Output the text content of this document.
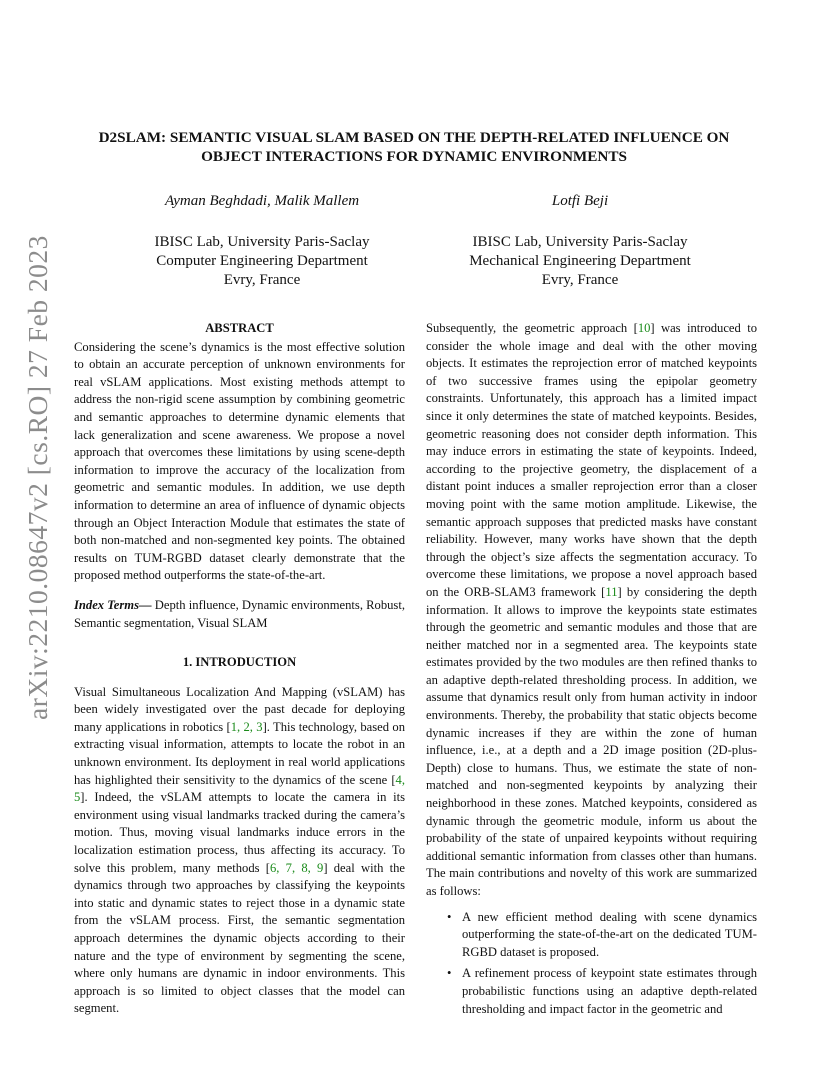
arXiv:2210.08647v2 [cs.RO] 27 Feb 2023
D2SLAM: SEMANTIC VISUAL SLAM BASED ON THE DEPTH-RELATED INFLUENCE ON
OBJECT INTERACTIONS FOR DYNAMIC ENVIRONMENTS
Ayman Beghdadi, Malik Mallem
IBISC Lab, University Paris-Saclay
Computer Engineering Department
Evry, France
Lotfi Beji
IBISC Lab, University Paris-Saclay
Mechanical Engineering Department
Evry, France
ABSTRACT

Considering the scene’s dynamics is the most effective solution to obtain an accurate perception of unknown environments for real vSLAM applications. Most existing methods attempt to address the non-rigid scene assumption by combining geometric and semantic approaches to determine dynamic elements that lack generalization and scene awareness. We propose a novel approach that overcomes these limitations by using scene-depth information to improve the accuracy of the localization from geometric and semantic modules. In addition, we use depth information to determine an area of influence of dynamic objects through an Object Interaction Module that estimates the state of both non-matched and non-segmented key points. The obtained results on TUM-RGBD dataset clearly demonstrate that the proposed method outperforms the state-of-the-art.

Index Terms— Depth influence, Dynamic environments, Robust, Semantic segmentation, Visual SLAM

1. INTRODUCTION

Visual Simultaneous Localization And Mapping (vSLAM) has been widely investigated over the past decade for deploying many applications in robotics [1, 2, 3]. This technology, based on extracting visual information, attempts to locate the robot in an unknown environment. Its deployment in real world applications has highlighted their sensitivity to the dynamics of the scene [4, 5]. Indeed, the vSLAM attempts to locate the camera in its environment using visual landmarks tracked during the camera’s motion. Thus, moving visual landmarks induce errors in the localization estimation process, thus affecting its accuracy. To solve this problem, many methods [6, 7, 8, 9] deal with the dynamics through two approaches by classifying the keypoints into static and dynamic states to reject those in a dynamic state from the vSLAM process. First, the semantic segmentation approach determines the dynamic objects according to their nature and the type of environment by segmenting the scene, where only humans are dynamic in indoor environments. This approach is so limited to object classes that the model can segment.

Subsequently, the geometric approach [10] was introduced to consider the whole image and deal with the other moving objects. It estimates the reprojection error of matched keypoints of two successive frames using the epipolar geometry constraints. Unfortunately, this approach has a limited impact since it only determines the state of matched keypoints. Besides, geometric reasoning does not consider depth information. This may induce errors in estimating the state of keypoints. Indeed, according to the projective geometry, the displacement of a distant point induces a smaller reprojection error than a closer moving point with the same motion amplitude. Likewise, the semantic approach supposes that predicted masks have constant reliability. However, many works have shown that the depth through the object’s size affects the segmentation accuracy. To overcome these limitations, we propose a novel approach based on the ORB-SLAM3 framework [11] by considering the depth information. It allows to improve the keypoints state estimates through the geometric and semantic modules and those that are neither matched nor in a segmented area. The keypoints state estimates provided by the two modules are then refined thanks to an adaptive depth-related thresholding process. In addition, we assume that dynamics result only from human activity in indoor environments. Thereby, the probability that static objects become dynamic increases if they are within the zone of human influence, i.e., at a depth and a 2D image position (2D-plus-Depth) close to humans. Thus, we estimate the state of non-matched and non-segmented keypoints by analyzing their neighborhood in these zones. Matched keypoints, considered as dynamic through the geometric module, inform us about the probability of the state of unpaired keypoints without requiring additional semantic information from classes other than humans. The main contributions and novelty of this work are summarized as follows:

• A new efficient method dealing with scene dynamics outperforming the state-of-the-art on the dedicated TUM-RGBD dataset is proposed.
• A refinement process of keypoint state estimates through probabilistic functions using an adaptive depth-related thresholding and impact factor in the geometric and
